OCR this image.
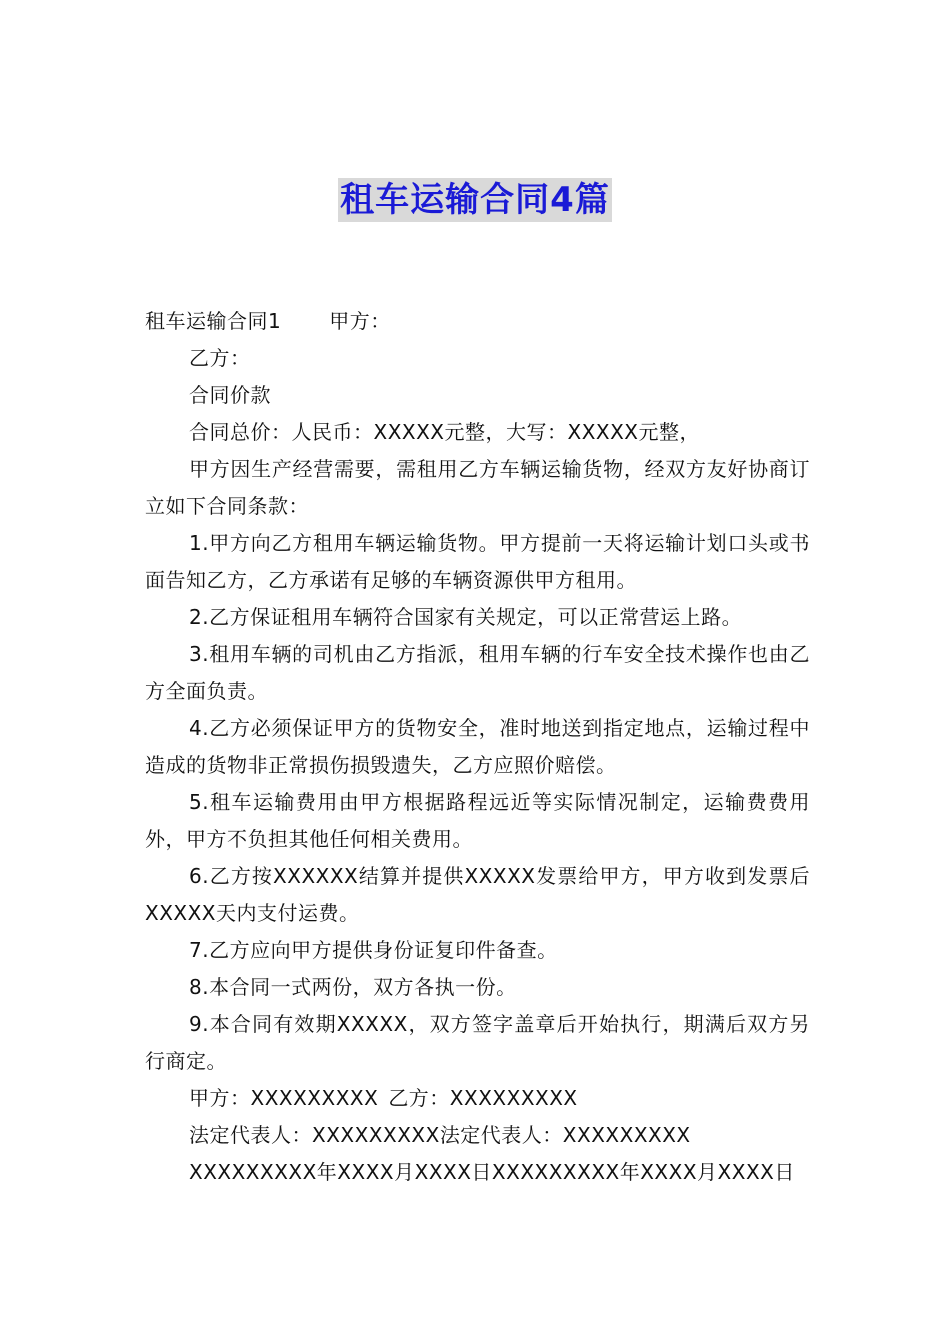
租车运输合同4篇

租车运输合同1 甲方：

乙方：

合同价款

合同总价：人民币：XXXXX元整，大写：XXXXX元整，

甲方因生产经营需要，需租用乙方车辆运输货物，经双方友好协商订立如下合同条款：

1.甲方向乙方租用车辆运输货物。甲方提前一天将运输计划口头或书面告知乙方，乙方承诺有足够的车辆资源供甲方租用。

2.乙方保证租用车辆符合国家有关规定，可以正常营运上路。

3.租用车辆的司机由乙方指派，租用车辆的行车安全技术操作也由乙方全面负责。

4.乙方必须保证甲方的货物安全，准时地送到指定地点，运输过程中造成的货物非正常损伤损毁遗失，乙方应照价赔偿。

5.租车运输费用由甲方根据路程远近等实际情况制定，运输费费用外，甲方不负担其他任何相关费用。

6.乙方按XXXXXX结算并提供XXXXX发票给甲方，甲方收到发票后XXXXX天内支付运费。

7.乙方应向甲方提供身份证复印件备查。

8.本合同一式两份，双方各执一份。

9.本合同有效期XXXXX，双方签字盖章后开始执行，期满后双方另行商定。

甲方：XXXXXXXXX 乙方：XXXXXXXXX

法定代表人：XXXXXXXXX法定代表人：XXXXXXXXX

XXXXXXXXX年XXXX月XXXX日XXXXXXXXX年XXXX月XXXX日
